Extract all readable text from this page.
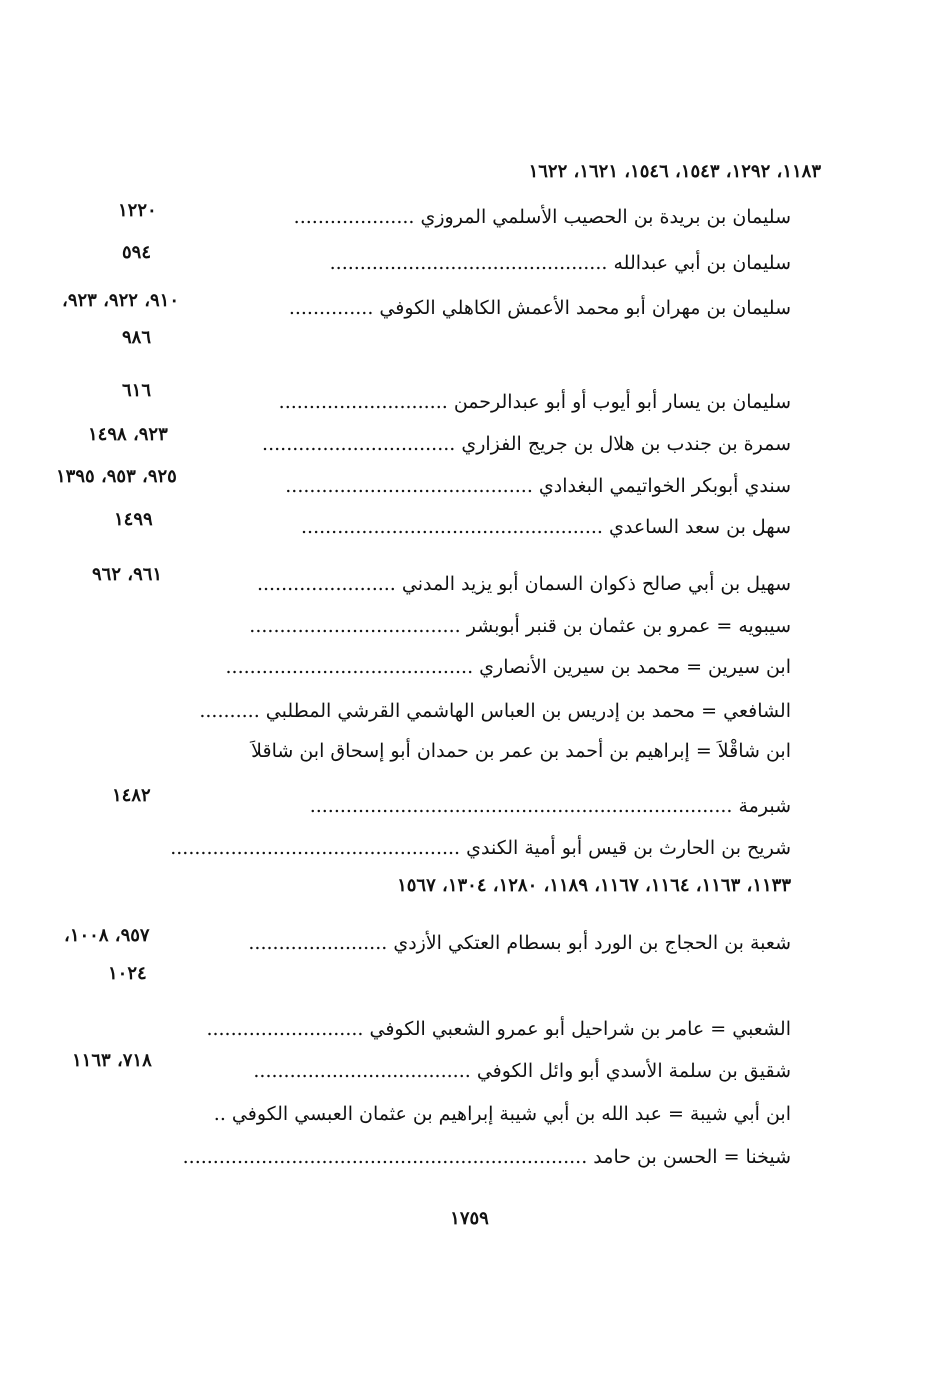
١١٨٣، ١٢٩٢، ١٥٤٣، ١٥٤٦، ١٦٢١، ١٦٢٢
سليمان بن بريدة بن الحصيب الأسلمي المروزي ....................
١٢٢٠
سليمان بن أبي عبدالله ..............................................
٥٩٤
سليمان بن مهران أبو محمد الأعمش الكاهلي الكوفي ..............
٩١٠، ٩٢٢، ٩٢٣،
٩٨٦
سليمان بن يسار أبو أيوب أو أبو عبدالرحمن ............................
٦١٦
سمرة بن جندب بن هلال بن جريج الفزاري ................................
٩٢٣، ١٤٩٨
سندي أبوبكر الخواتيمي البغدادي .........................................
٩٢٥، ٩٥٣، ١٣٩٥
سهل بن سعد الساعدي ..................................................
١٤٩٩
سهيل بن أبي صالح ذكوان السمان أبو يزيد المدني .......................
٩٦١، ٩٦٢
سيبويه = عمرو بن عثمان بن قنبر أبوبشر ...................................
ابن سيرين = محمد بن سيرين الأنصاري .........................................
الشافعي = محمد بن إدريس بن العباس الهاشمي القرشي المطلبي ..........
ابن شاقْلاَ = إبراهيم بن أحمد بن عمر بن حمدان أبو إسحاق ابن شاقلاَ
شبرمة ......................................................................
١٤٨٢
شريح بن الحارث بن قيس أبو أمية الكندي ................................................
١١٣٣، ١١٦٣، ١١٦٤، ١١٦٧، ١١٨٩، ١٢٨٠، ١٣٠٤، ١٥٦٧
شعبة بن الحجاج بن الورد أبو بسطام العتكي الأزدي .......................
٩٥٧، ١٠٠٨،
١٠٢٤
الشعبي = عامر بن شراحيل أبو عمرو الشعبي الكوفي ..........................
شقيق بن سلمة الأسدي أبو وائل الكوفي ....................................
٧١٨، ١١٦٣
ابن أبي شيبة = عبد الله بن أبي شيبة إبراهيم بن عثمان العبسي الكوفي ..
شيخنا = الحسن بن حامد ...................................................................
١٧٥٩
